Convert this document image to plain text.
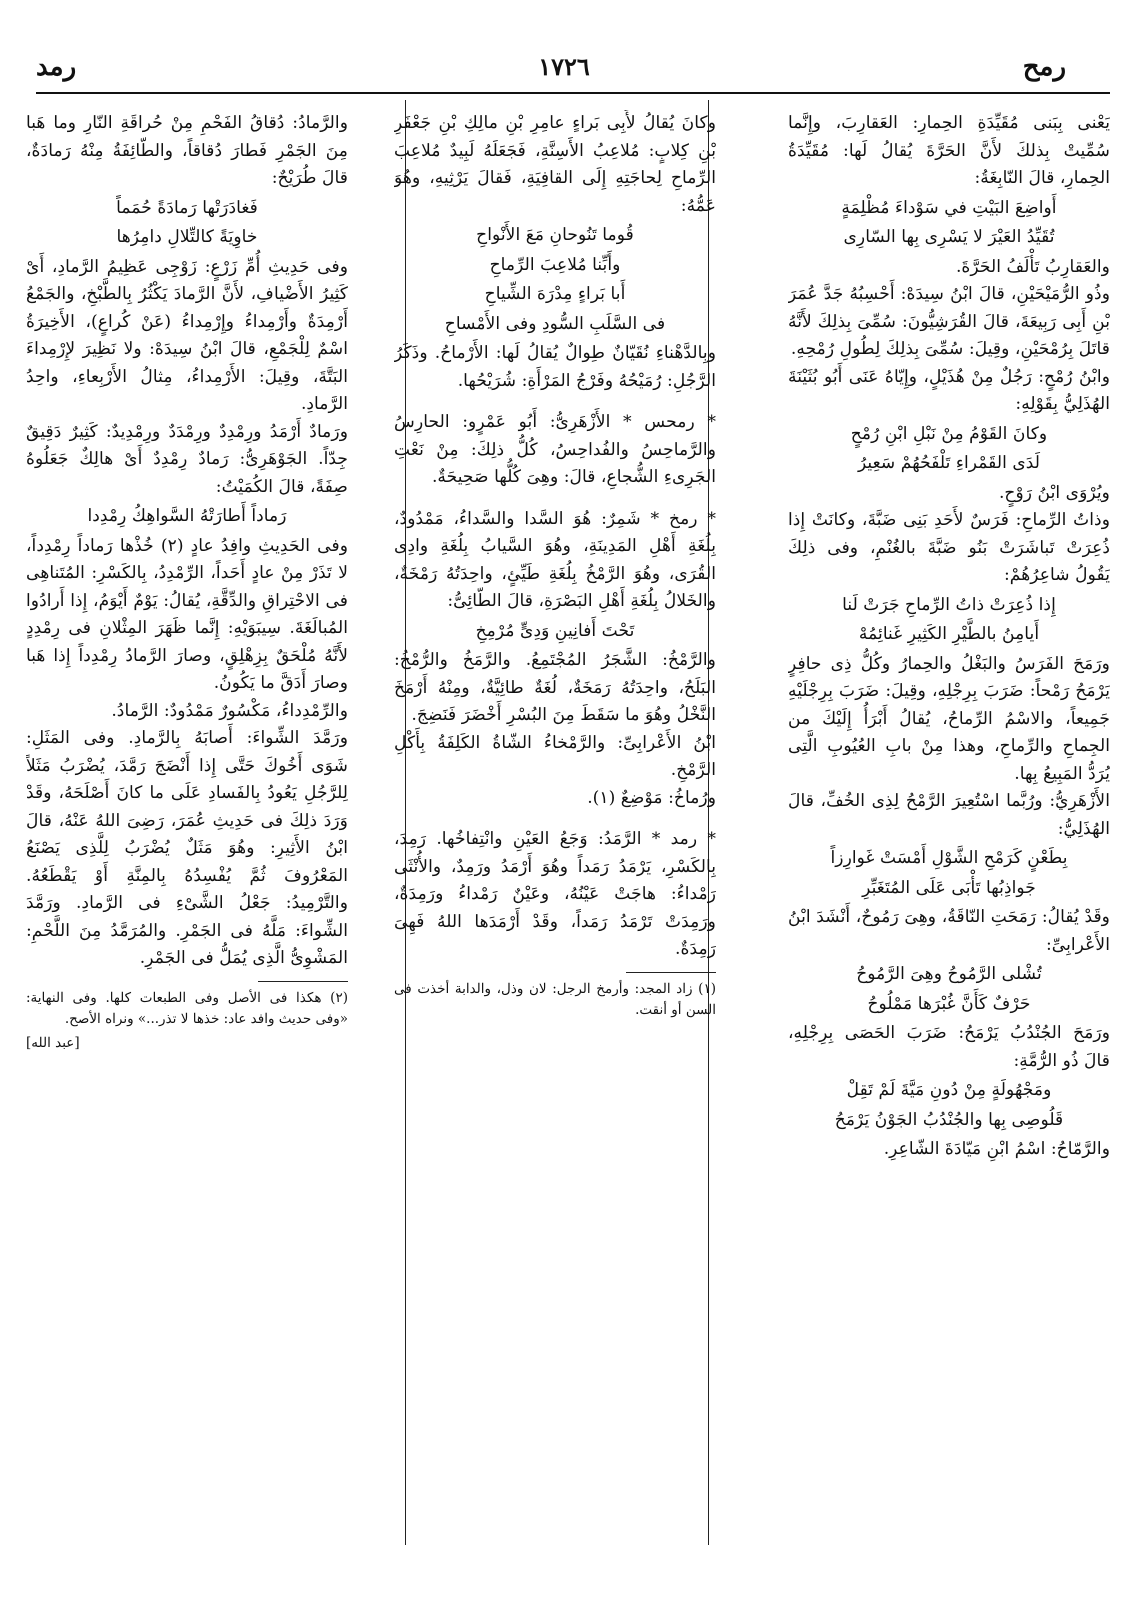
رمح
١٧٢٦
رمد

يَعْنى بِبَنى مُقَيِّدَةِ الحِمارِ: العَقارِبَ، وإِنَّما سُمِّيتْ بِذلكَ لأَنَّ الحَرَّةَ يُقالُ لَها: مُقَيِّدَةُ الحِمارِ، قالَ النّابِغَةُ:

أَواضِعَ البَيْتِ في سَوْداءَ مُظْلِمَةٍ

تُقَيِّدُ العَيْرَ لا يَسْرِى بِها السّارِى

والعَقارِبُ تَأْلَفُ الحَرَّةَ.

وذُو الرُّمَيْحَيْنِ، قالَ ابْنُ سِيدَهْ: أَحْسِبُهُ جَدَّ عُمَرَ بْنِ أَبِى رَبِيعَةَ، قالَ القُرَشِيُّونَ: سُمِّىَ بِذلِكَ لأَنَّهُ قاتَلَ بِرُمْحَيْنِ، وقِيلَ: سُمِّىَ بِذلِكَ لِطُولِ رُمْحِهِ.

وابْنُ رُمْحٍ: رَجُلٌ مِنْ هُذَيْلٍ، وإِيّاهُ عَنَى أَبُو بُثَيْنَةَ الهُذَلِيُّ بِقَوْلِهِ:

وكانَ القَوْمُ مِنْ نَبْلِ ابْنِ رُمْحٍ

لَدَى القَمْراءِ تَلْفَحُهُمْ سَعِيرُ

ويُرْوَى ابْنُ رَوْحٍ.

وذاتُ الرِّماحِ: فَرَسٌ لأَحَدِ بَنِى ضَبَّةَ، وكانَتْ إِذا ذُعِرَتْ تَباشَرَتْ بَنُو ضَبَّةَ بالغُنْمِ، وفى ذلِكَ يَقُولُ شاعِرُهُمْ:

إِذا ذُعِرَتْ ذاتُ الرِّماحِ جَرَتْ لَنا

أَيامِنُ بالطَّيْرِ الكَثِيرِ غَنائِمُهْ

ورَمَحَ الفَرَسُ والبَغْلُ والحِمارُ وكُلُّ ذِى حافِرٍ يَرْمَحُ رَمْحاً: ضَرَبَ بِرِجْلِهِ، وقِيلَ: ضَرَبَ بِرِجْلَيْهِ جَمِيعاً، والاسْمُ الرِّماحُ، يُقالُ أَبْرَأُ إِلَيْكَ من الجِماحِ والرِّماحِ، وهذا مِنْ بابِ العُيُوبِ الَّتِى يُرَدُّ المَبِيعُ بِها.

الأَزْهَرِيُّ: ورُبَّما اسْتُعِيرَ الرَّمْحُ لِذِى الخُفِّ، قالَ الهُذَلِيُّ:

بِطَعْنٍ كَرَمْحِ الشَّوْلِ أَمْسَتْ غَوارِزاً

جَواذِبُها تَأْبَى عَلَى المُتَغَبِّرِ

وقَدْ يُقالُ: رَمَحَتِ النّاقَةُ، وهِىَ رَمُوحٌ، أَنْشَدَ ابْنُ الأَعْرابِىِّ:

تُشْلى الرَّمُوحُ وهِىَ الرَّمُوحُ

حَرْفٌ كَأَنَّ غُبْرَها مَمْلُوحُ

ورَمَحَ الجُنْدُبُ يَرْمَحُ: ضَرَبَ الحَصَى بِرِجْلِهِ، قالَ ذُو الرُّمَّةِ:

ومَجْهُولَةٍ مِنْ دُونِ مَيَّةَ لَمْ تَقِلْ

قَلُوصِى بِها والجُنْدُبُ الجَوْنُ يَرْمَحُ

والرَّمّاحُ: اسْمُ ابْنِ مَيّادَةَ الشّاعِرِ.

وكانَ يُقالُ لأَبِى بَراءٍ عامِرِ بْنِ مالِكِ بْنِ جَعْفَرِ بْنِ كِلابٍ: مُلاعِبُ الأَسِنَّةِ، فَجَعَلَهُ لَبِيدٌ مُلاعِبَ الرِّماحِ لِحاجَتِهِ إِلَى القافِيَةِ، فَقالَ يَرْثِيهِ، وهُوَ عَمُّهُ:

قُوما تَنُوحانِ مَعَ الأَنْواحِ

وأَبِّنا مُلاعِبَ الرِّماحِ

أَبا بَراءٍ مِدْرَهَ الشِّياحِ

فى السَّلَبِ السُّودِ وفى الأَمْساحِ

وبِالدَّهْناءِ نُقَيّانٌ طِوالٌ يُقالُ لَها: الأَرْماحُ. وذَكَرُ الرَّجُلِ: رُمَيْحُهُ وفَرْجُ المَرْأَةِ: شُرَيْحُها.

* رمحس * الأَزْهَرِىُّ: أَبُو عَمْرٍو: الحارِسُ والرَّماحِسُ والفُداحِسُ، كُلُّ ذلِكَ: مِنْ نَعْتِ الجَرِىءِ الشُّجاعِ، قالَ: وهِىَ كُلُّها صَحِيحَةٌ.

* رمخ * شَمِرٌ: هُوَ السَّدا والسَّداءُ، مَمْدُودٌ، بِلُغَةِ أَهْلِ المَدِينَةِ، وهُوَ السَّيابُ بِلُغَةِ وادِى القُرَى، وهُوَ الرَّمْخُ بِلُغَةِ طَيِّئٍ، واحِدَتُهُ رَمْخَةٌ، والخَلالُ بِلُغَةِ أَهْلِ البَصْرَةِ، قالَ الطّائِىُّ:

تَحْتَ أَفانِينِ وَدِىٍّ مُرْمِخِ

والرَّمْخُ: الشَّجَرُ المُجْتَمِعُ. والرَّمَخُ والرُّمْخُ: البَلَحُ، واحِدَتُهُ رَمَخَةٌ، لُغَةٌ طائِيَّةٌ، ومِنْهُ أَرْمَخَ النَّخْلُ وهُوَ ما سَقَطَ مِنَ البُسْرِ أَخْضَرَ فَنَضِجَ.

ابْنُ الأَعْرابِىِّ: والرَّمْخاءُ الشّاةُ الكَلِفَةُ بِأَكْلِ الرَّمْخِ.

ورُماخُ: مَوْضِعٌ (١).

* رمد * الرَّمَدُ: وَجَعُ العَيْنِ وانْتِفاخُها. رَمِدَ، بِالكَسْرِ، يَرْمَدُ رَمَداً وهُوَ أَرْمَدُ ورَمِدٌ، والأُنْثَى رَمْداءُ: هاجَتْ عَيْنُهُ، وعَيْنٌ رَمْداءُ ورَمِدَةٌ، ورَمِدَتْ تَرْمَدُ رَمَداً، وقَدْ أَرْمَدَها اللهُ فَهِىَ رَمِدَةٌ.

(١) زاد المجد: وأرمخ الرجل: لان وذل، والدابة أخذت فى السن أو أنقت.

والرَّمادُ: دُقاقُ الفَحْمِ مِنْ حُراقَةِ النّارِ وما هَبا مِنَ الجَمْرِ فَطارَ دُقاقاً، والطّائِفَةُ مِنْهُ رَمادَةٌ، قالَ طُرَيْحٌ:

فَغادَرَتْها رَمادَةً حُمَماً

خاوِيَةً كالتِّلالِ دامِرُها

وفى حَدِيثِ أُمِّ زَرْعٍ: زَوْجِى عَظِيمُ الرَّمادِ، أَىْ كَثِيرُ الأَضْيافِ، لأَنَّ الرَّمادَ يَكْثُرُ بِالطَّبْخِ، والجَمْعُ أَرْمِدَةٌ وأَرْمِداءُ وإِرْمِداءُ (عَنْ كُراعٍ)، الأَخِيرَةُ اسْمٌ لِلْجَمْعِ، قالَ ابْنُ سِيدَهْ: ولا نَظِيرَ لإِرْمِداءَ البَتَّةَ، وقِيلَ: الأَرْمِداءُ، مِثالُ الأَرْبِعاءِ، واحِدُ الرَّمادِ.

ورَمادٌ أَرْمَدُ ورِمْدِدٌ ورِمْدَدٌ ورِمْدِيدٌ: كَثِيرٌ دَقِيقٌ جِدّاً. الجَوْهَرِىُّ: رَمادٌ رِمْدِدٌ أَىْ هالِكٌ جَعَلُوهُ صِفَةً، قالَ الكُمَيْتُ:

رَماداً أَطارَتْهُ السَّواهِكُ رِمْدِدا

وفى الحَدِيثِ وافِدُ عادٍ (٢) خُذْها رَماداً رِمْدِداً، لا تَذَرْ مِنْ عادٍ أَحَداً، الرِّمْدِدُ، بِالكَسْرِ: المُتَناهِى فى الاحْتِراقِ والدِّقَّةِ، يُقالُ: يَوْمٌ أَيْوَمُ، إِذا أَرادُوا المُبالَغَةَ. سِيبَوَيْهِ: إِنَّما ظَهَرَ المِثْلانِ فى رِمْدِدٍ لأَنَّهُ مُلْحَقٌ بِزِهْلِقٍ، وصارَ الرَّمادُ رِمْدِداً إِذا هَبا وصارَ أَدَقَّ ما يَكُونُ.

والرِّمْدِداءُ، مَكْسُورٌ مَمْدُودٌ: الرَّمادُ.

ورَمَّدَ الشِّواءَ: أَصابَهُ بِالرَّمادِ. وفى المَثَلِ: شَوَى أَخُوكَ حَتَّى إِذا أَنْضَجَ رَمَّدَ، يُضْرَبُ مَثَلاً لِلرَّجُلِ يَعُودُ بِالفَسادِ عَلَى ما كانَ أَصْلَحَهُ، وقَدْ وَرَدَ ذلِكَ فى حَدِيثِ عُمَرَ، رَضِىَ اللهُ عَنْهُ، قالَ ابْنُ الأَثِيرِ: وهُوَ مَثَلٌ يُضْرَبُ لِلَّذِى يَصْنَعُ المَعْرُوفَ ثُمَّ يُفْسِدُهُ بِالمِنَّةِ أَوْ يَقْطَعُهُ. والتَّرْمِيدُ: جَعْلُ الشَّىْءِ فى الرَّمادِ. ورَمَّدَ الشِّواءَ: مَلَّهُ فى الجَمْرِ. والمُرَمَّدُ مِنَ اللَّحْمِ: المَشْوِىُّ الَّذِى يُمَلُّ فى الجَمْرِ.

(٢) هكذا فى الأصل وفى الطبعات كلها. وفى النهاية: «وفى حديث وافد عاد: خذها لا تذر...» ونراه الأصح.

[عبد الله]
